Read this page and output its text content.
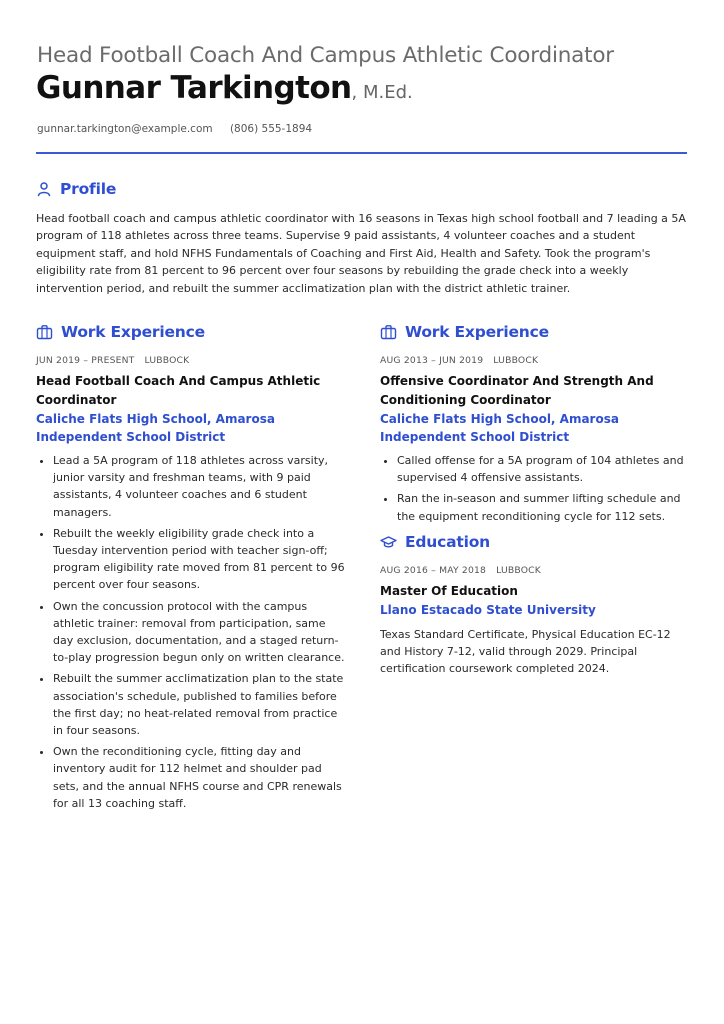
Head Football Coach And Campus Athletic Coordinator
Gunnar Tarkington, M.Ed.
gunnar.tarkington@example.com (806) 555-1894
Profile

Head football coach and campus athletic coordinator with 16 seasons in Texas high school football and 7 leading a 5A program of 118 athletes across three teams. Supervise 9 paid assistants, 4 volunteer coaches and a student equipment staff, and hold NFHS Fundamentals of Coaching and First Aid, Health and Safety. Took the program's eligibility rate from 81 percent to 96 percent over four seasons by rebuilding the grade check into a weekly intervention period, and rebuilt the summer acclimatization plan with the district athletic trainer.

Work Experience
JUN 2019 – PRESENT LUBBOCK
Head Football Coach And Campus Athletic Coordinator
Caliche Flats High School, Amarosa Independent School District
• Lead a 5A program of 118 athletes across varsity, junior varsity and freshman teams, with 9 paid assistants, 4 volunteer coaches and 6 student managers.
• Rebuilt the weekly eligibility grade check into a Tuesday intervention period with teacher sign-off; program eligibility rate moved from 81 percent to 96 percent over four seasons.
• Own the concussion protocol with the campus athletic trainer: removal from participation, same day exclusion, documentation, and a staged return-to-play progression begun only on written clearance.
• Rebuilt the summer acclimatization plan to the state association's schedule, published to families before the first day; no heat-related removal from practice in four seasons.
• Own the reconditioning cycle, fitting day and inventory audit for 112 helmet and shoulder pad sets, and the annual NFHS course and CPR renewals for all 13 coaching staff.
Work Experience
AUG 2013 – JUN 2019 LUBBOCK
Offensive Coordinator And Strength And Conditioning Coordinator
Caliche Flats High School, Amarosa Independent School District
• Called offense for a 5A program of 104 athletes and supervised 4 offensive assistants.
• Ran the in-season and summer lifting schedule and the equipment reconditioning cycle for 112 sets.
Education
AUG 2016 – MAY 2018 LUBBOCK
Master Of Education
Llano Estacado State University
Texas Standard Certificate, Physical Education EC-12 and History 7-12, valid through 2029. Principal certification coursework completed 2024.
